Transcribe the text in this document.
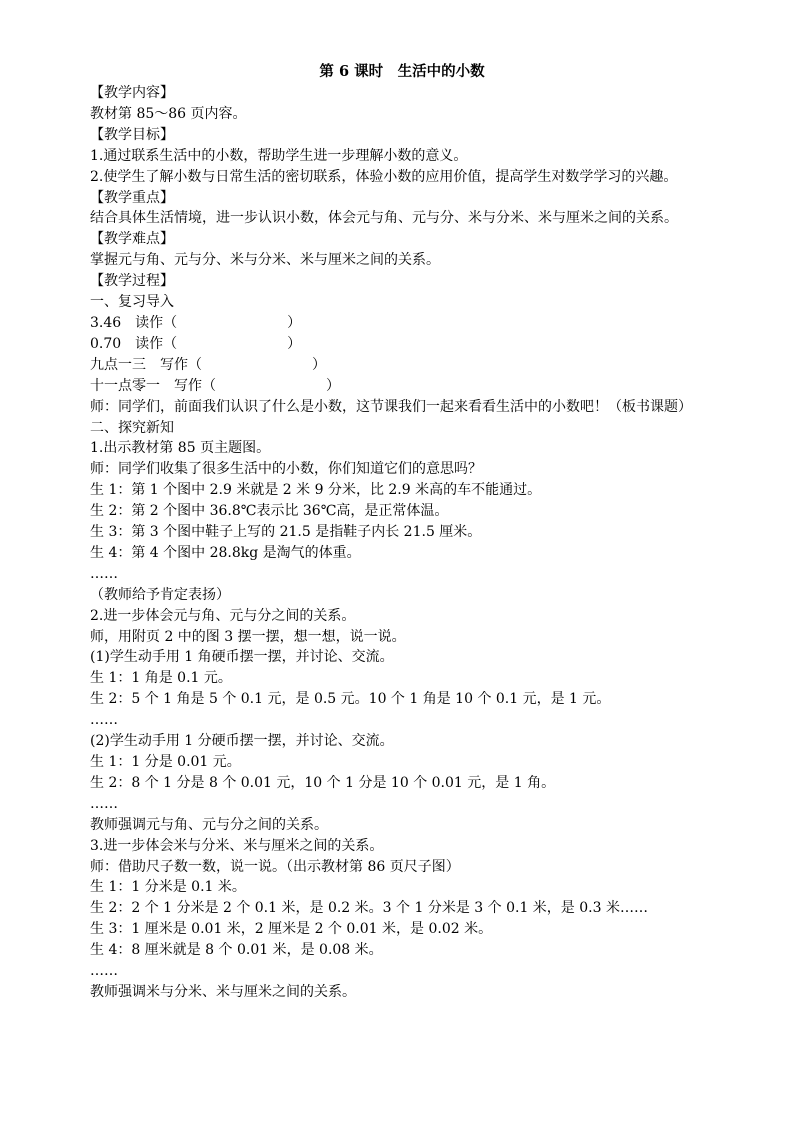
第 6 课时　生活中的小数

【教学内容】

教材第 85～86 页内容。

【教学目标】

1.通过联系生活中的小数，帮助学生进一步理解小数的意义。

2.使学生了解小数与日常生活的密切联系，体验小数的应用价值，提高学生对数学学习的兴趣。

【教学重点】

结合具体生活情境，进一步认识小数，体会元与角、元与分、米与分米、米与厘米之间的关系。

【教学难点】

掌握元与角、元与分、米与分米、米与厘米之间的关系。

【教学过程】

一、复习导入

3.46　读作（	）

0.70　读作（	）

九点一三　写作（	）

十一点零一　写作（	）

师：同学们，前面我们认识了什么是小数，这节课我们一起来看看生活中的小数吧！（板书课题）

二、探究新知

1.出示教材第 85 页主题图。

师：同学们收集了很多生活中的小数，你们知道它们的意思吗？

生 1：第 1 个图中 2.9 米就是 2 米 9 分米，比 2.9 米高的车不能通过。

生 2：第 2 个图中 36.8℃表示比 36℃高，是正常体温。

生 3：第 3 个图中鞋子上写的 21.5 是指鞋子内长 21.5 厘米。

生 4：第 4 个图中 28.8kg 是淘气的体重。

……

（教师给予肯定表扬）

2.进一步体会元与角、元与分之间的关系。

师，用附页 2 中的图 3 摆一摆，想一想，说一说。

(1)学生动手用 1 角硬币摆一摆，并讨论、交流。

生 1：1 角是 0.1 元。

生 2：5 个 1 角是 5 个 0.1 元，是 0.5 元。10 个 1 角是 10 个 0.1 元，是 1 元。

……

(2)学生动手用 1 分硬币摆一摆，并讨论、交流。

生 1：1 分是 0.01 元。

生 2：8 个 1 分是 8 个 0.01 元，10 个 1 分是 10 个 0.01 元，是 1 角。

……

教师强调元与角、元与分之间的关系。

3.进一步体会米与分米、米与厘米之间的关系。

师：借助尺子数一数，说一说。（出示教材第 86 页尺子图）

生 1：1 分米是 0.1 米。

生 2：2 个 1 分米是 2 个 0.1 米，是 0.2 米。3 个 1 分米是 3 个 0.1 米，是 0.3 米……

生 3：1 厘米是 0.01 米，2 厘米是 2 个 0.01 米，是 0.02 米。

生 4：8 厘米就是 8 个 0.01 米，是 0.08 米。

……

教师强调米与分米、米与厘米之间的关系。
